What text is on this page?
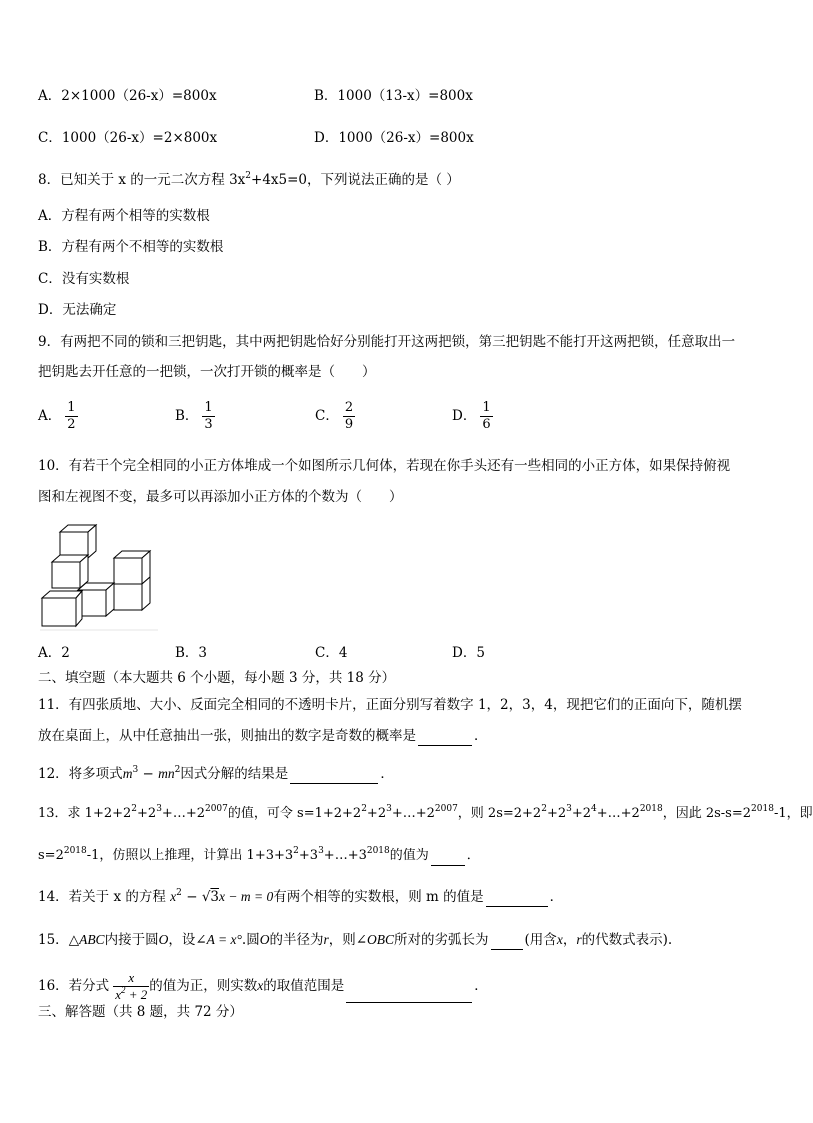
A．2×1000（26-x）=800x	B．1000（13-x）=800x
C．1000（26-x）=2×800x	D．1000（26-x）=800x
8．已知关于 x 的一元二次方程 $3x^2+4x5=0$，下列说法正确的是（ ）
A．方程有两个相等的实数根
B．方程有两个不相等的实数根
C．没有实数根
D．无法确定
9．有两把不同的锁和三把钥匙，其中两把钥匙恰好分别能打开这两把锁，第三把钥匙不能打开这两把锁，任意取出一
把钥匙去开任意的一把锁，一次打开锁的概率是（　　）
A． $\frac{1}{2}$	B． $\frac{1}{3}$	C． $\frac{2}{9}$	D． $\frac{1}{6}$
10．有若干个完全相同的小正方体堆成一个如图所示几何体，若现在你手头还有一些相同的小正方体，如果保持俯视
图和左视图不变，最多可以再添加小正方体的个数为（　　）
A．2	B．3	C．4	D．5
二、填空题（本大题共 6 个小题，每小题 3 分，共 18 分）
11．有四张质地、大小、反面完全相同的不透明卡片，正面分别写着数字 1，2，3，4，现把它们的正面向下，随机摆
放在桌面上，从中任意抽出一张，则抽出的数字是奇数的概率是	．
12．将多项式$m^3 - mn^2$因式分解的结果是	．
13．求 $1+2+2^2+2^3+\dots+2^{2007}$的值，可令 $s=1+2+2^2+2^3+\dots+2^{2007}$，则 $2s=2+2^2+2^3+2^4+\dots+2^{2018}$，因此 $2s-s=2^{2018}-1$，即
$s=2^{2018}-1$，仿照以上推理，计算出 $1+3+3^2+3^3+\dots+3^{2018}$的值为	．
14．若关于 x 的方程 $x^2 - √3x - m = 0$有两个相等的实数根，则 m 的值是	．
15．△ABC内接于圆O，设∠A = x°.圆O的半径为r，则∠OBC所对的劣弧长为	(用含x，r的代数式表示).
16．若分式 $\frac{x}{x^2 + 2}$ 的值为正，则实数x的取值范围是	．
三、解答题（共 8 题，共 72 分）
